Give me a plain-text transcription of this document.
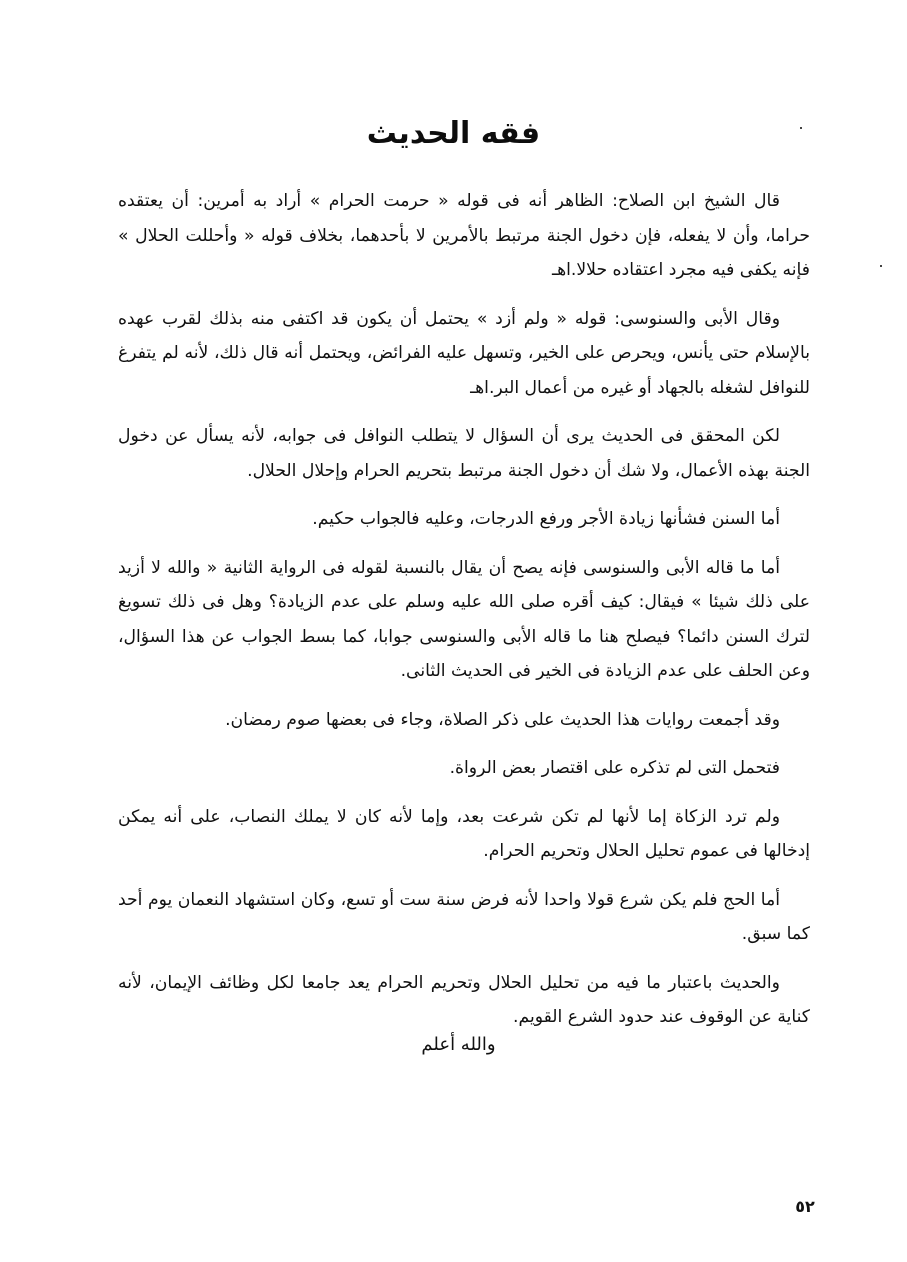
فقه الحديث

قال الشيخ ابن الصلاح: الظاهر أنه فى قوله « حرمت الحرام » أراد به أمرين: أن يعتقده حراما، وأن لا يفعله، فإن دخول الجنة مرتبط بالأمرين لا بأحدهما، بخلاف قوله « وأحللت الحلال » فإنه يكفى فيه مجرد اعتقاده حلالا.اهـ

وقال الأبى والسنوسى: قوله « ولم أزد » يحتمل أن يكون قد اكتفى منه بذلك لقرب عهده بالإسلام حتى يأنس، ويحرص على الخير، وتسهل عليه الفرائض، ويحتمل أنه قال ذلك، لأنه لم يتفرغ للنوافل لشغله بالجهاد أو غيره من أعمال البر.اهـ

لكن المحقق فى الحديث يرى أن السؤال لا يتطلب النوافل فى جوابه، لأنه يسأل عن دخول الجنة بهذه الأعمال، ولا شك أن دخول الجنة مرتبط بتحريم الحرام وإحلال الحلال.

أما السنن فشأنها زيادة الأجر ورفع الدرجات، وعليه فالجواب حكيم.

أما ما قاله الأبى والسنوسى فإنه يصح أن يقال بالنسبة لقوله فى الرواية الثانية « والله لا أزيد على ذلك شيئا » فيقال: كيف أقره صلى الله عليه وسلم على عدم الزيادة؟ وهل فى ذلك تسويغ لترك السنن دائما؟ فيصلح هنا ما قاله الأبى والسنوسى جوابا، كما بسط الجواب عن هذا السؤال، وعن الحلف على عدم الزيادة فى الخير فى الحديث الثانى.

وقد أجمعت روايات هذا الحديث على ذكر الصلاة، وجاء فى بعضها صوم رمضان.

فتحمل التى لم تذكره على اقتصار بعض الرواة.

ولم ترد الزكاة إما لأنها لم تكن شرعت بعد، وإما لأنه كان لا يملك النصاب، على أنه يمكن إدخالها فى عموم تحليل الحلال وتحريم الحرام.

أما الحج فلم يكن شرع قولا واحدا لأنه فرض سنة ست أو تسع، وكان استشهاد النعمان يوم أحد كما سبق.

والحديث باعتبار ما فيه من تحليل الحلال وتحريم الحرام يعد جامعا لكل وظائف الإيمان، لأنه كناية عن الوقوف عند حدود الشرع القويم.

والله أعلم
٥٢
